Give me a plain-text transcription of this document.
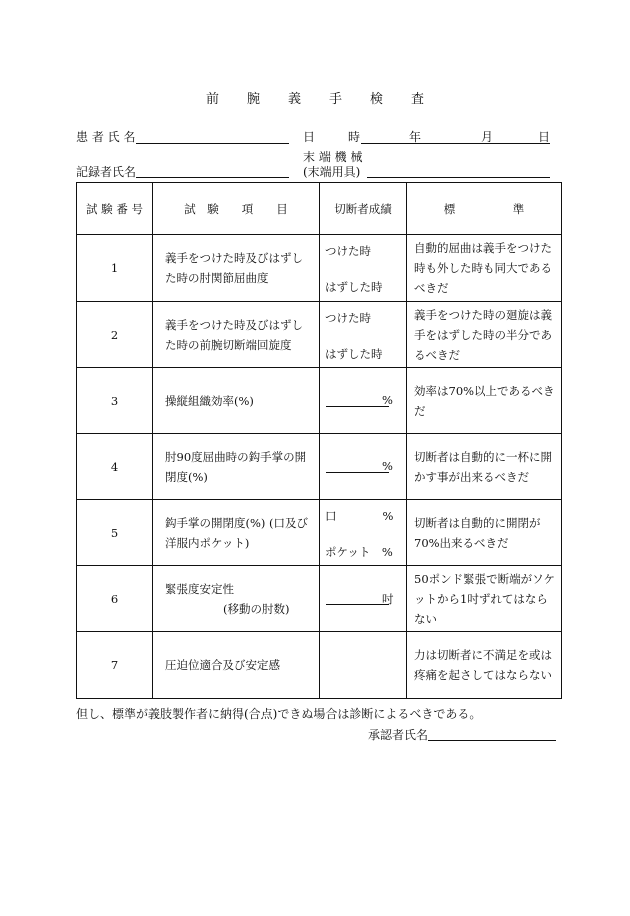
前 腕 義 手 検 査
患 者 氏 名	日	時	年	月	日
記録者氏名
末 端 機 械
(末端用具)
試 験 番 号	試　験　　項　　目	切断者成績	標　　　　　準
1	義手をつけた時及びはずした時の肘関節屈曲度	つけた時
はずした時	自動的屈曲は義手をつけた時も外した時も同大であるべきだ
2	義手をつけた時及びはずした時の前腕切断端回旋度	つけた時
はずした時	義手をつけた時の廻旋は義手をはずした時の半分であるべきだ
3	操縦組織効率(%)	%	効率は70%以上であるべきだ
4	肘90度屈曲時の鈎手掌の開閉度(%)	%	切断者は自動的に一杯に開かす事が出来るべきだ
5	鈎手掌の開閉度(%) (口及び洋服内ポケット)	口　　　　%
ポケット　%	切断者は自動的に開閉が70%出来るべきだ
6	緊張度安定性
(移動の肘数)	吋	50ポンド緊張で断端がソケットから1吋ずれてはならない
7	圧迫位適合及び安定感		力は切断者に不満足を或は疼痛を起さしてはならない
但し、標準が義肢製作者に納得(合点)できぬ場合は診断によるべきである。
承認者氏名
